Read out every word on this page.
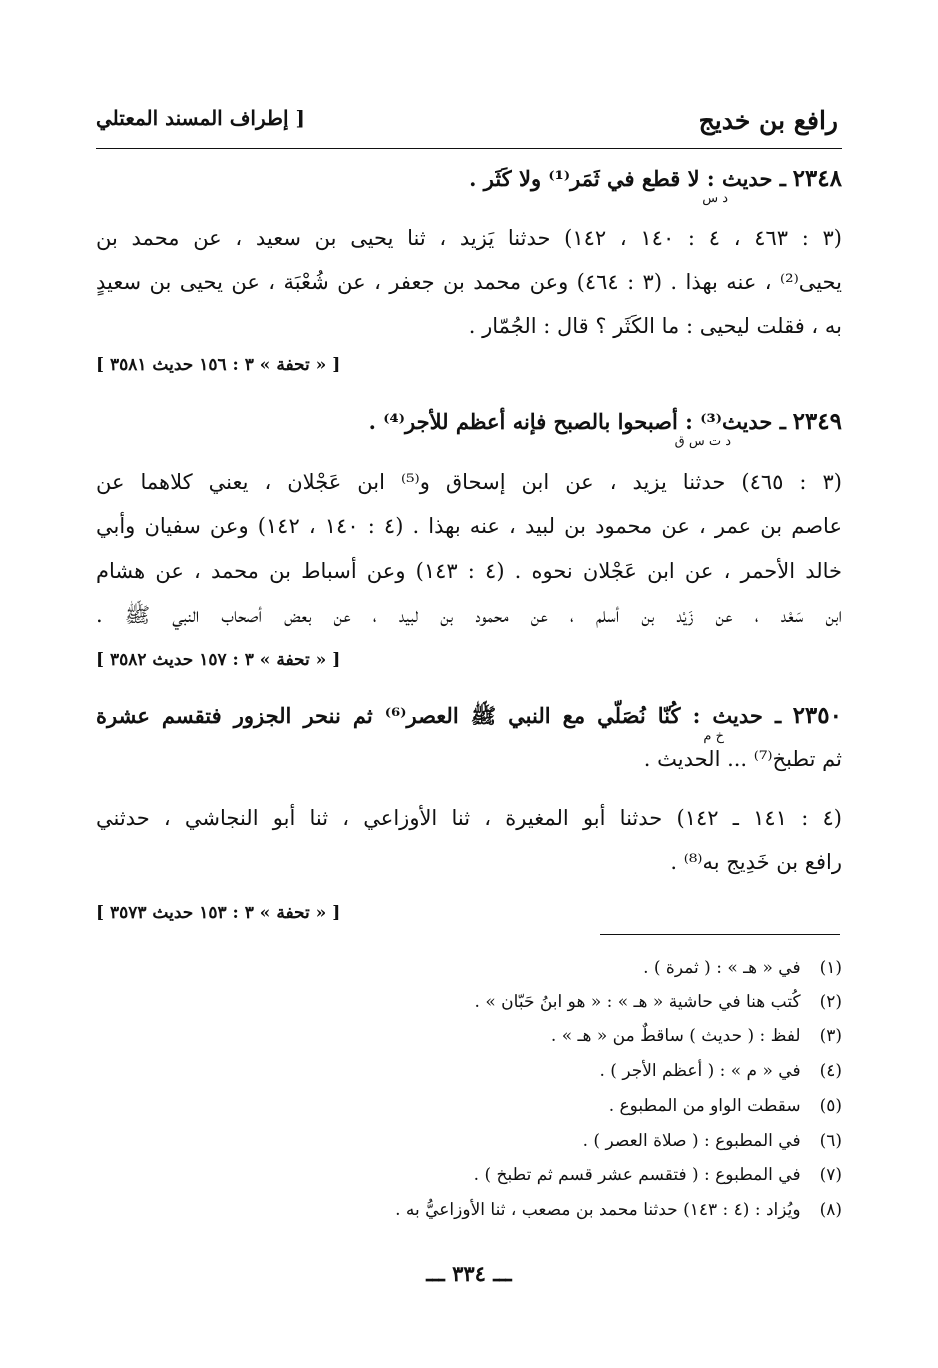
رافع بن خديج
[ إطراف المسند المعتلي
٢٣٤٨ ـ حديث : لا قطع في ثَمَر⁽¹⁾ ولا كَثَر .
د س
(٣ : ٤٦٣ ، ٤ : ١٤٠ ، ١٤٢) حدثنا يَزيد ، ثنا يحيى بن سعيد ، عن محمد بن
يحيى⁽²⁾ ، عنه بهذا . (٣ : ٤٦٤) وعن محمد بن جعفر ، عن شُعْبَة ، عن يحيى بن سعيدٍ
به ، فقلت ليحيى : ما الكَثَر ؟ قال : الجُمّار .
[ « تحفة » ٣ : ١٥٦ حديث ٣٥٨١ ]
٢٣٤٩ ـ حديث⁽³⁾ : أصبحوا بالصبح فإنه أعظم للأجر⁽⁴⁾ .
د ت س ق
(٣ : ٤٦٥) حدثنا يزيد ، عن ابن إسحاق و⁽⁵⁾ ابن عَجْلان ، يعني كلاهما عن
عاصم بن عمر ، عن محمود بن لبيد ، عنه بهذا . (٤ : ١٤٠ ، ١٤٢) وعن سفيان وأبي
خالد الأحمر ، عن ابن عَجْلان نحوه . (٤ : ١٤٣) وعن أسباط بن محمد ، عن هشام
ابن سَعْد ، عن زَيْد بن أسلم ، عن محمود بن لبيد ، عن بعض أصحاب النبي ﷺ .
[ « تحفة » ٣ : ١٥٧ حديث ٣٥٨٢ ]
٢٣٥٠ ـ حديث : كُنّا نُصَلّي مع النبي ﷺ العصر⁽⁶⁾ ثم ننحر الجزور فتقسم عشرة
خ م
ثم تطبخ⁽⁷⁾ ... الحديث .
(٤ : ١٤١ ـ ١٤٢) حدثنا أبو المغيرة ، ثنا الأوزاعي ، ثنا أبو النجاشي ، حدثني
رافع بن خَدِيج به⁽⁸⁾ .
[ « تحفة » ٣ : ١٥٣ حديث ٣٥٧٣ ]
(١) في « هـ » : ( ثمرة ) .
(٢) كُتب هنا في حاشية « هـ » : « هو ابنُ حَبّان » .
(٣) لفظ : ( حديث ) ساقطٌ من « هـ » .
(٤) في « م » : ( أعظم الأجر ) .
(٥) سقطت الواو من المطبوع .
(٦) في المطبوع : ( صلاة العصر ) .
(٧) في المطبوع : ( فتقسم عشر قسم ثم تطبخ ) .
(٨) ويُزاد : (٤ : ١٤٣) حدثنا محمد بن مصعب ، ثنا الأوزاعيُّ به .
ـــ ٣٣٤ ـــ
